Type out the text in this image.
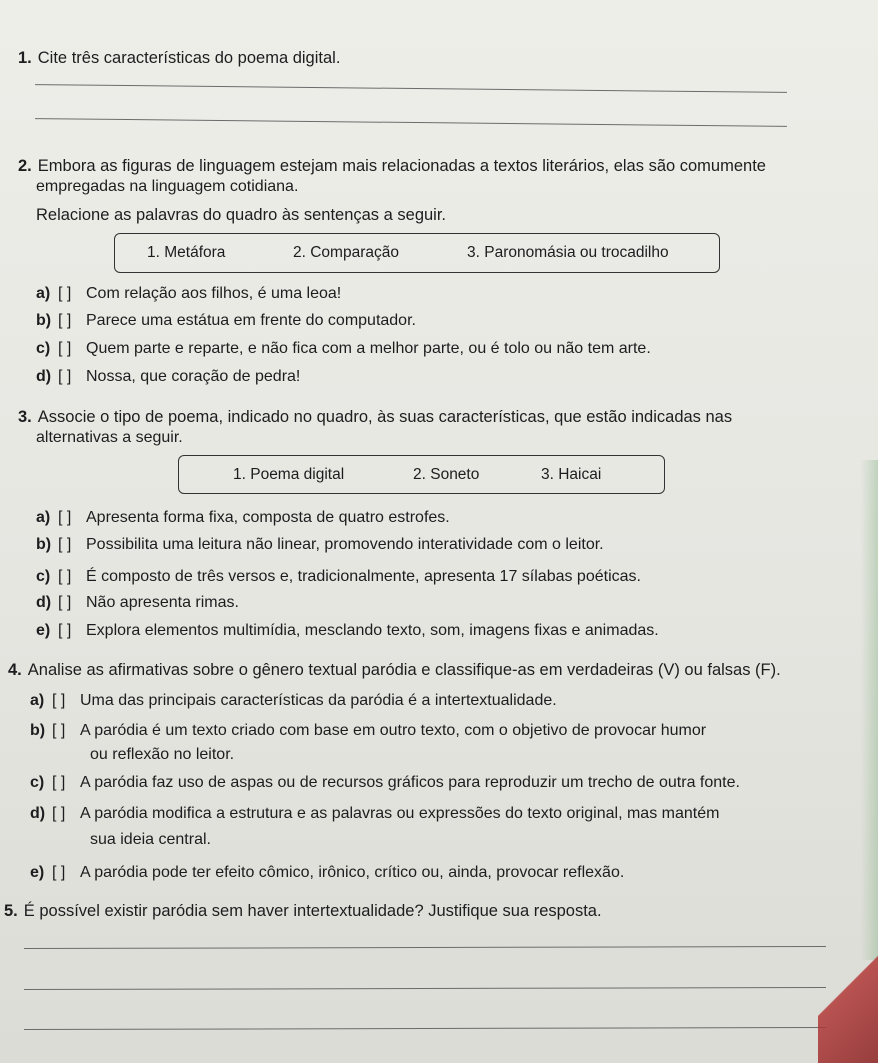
1. Cite três características do poema digital.
2. Embora as figuras de linguagem estejam mais relacionadas a textos literários, elas são comumente
empregadas na linguagem cotidiana.
Relacione as palavras do quadro às sentenças a seguir.
1. Metáfora	2. Comparação	3. Paronomásia ou trocadilho
a) [ ] Com relação aos filhos, é uma leoa!
b) [ ] Parece uma estátua em frente do computador.
c) [ ] Quem parte e reparte, e não fica com a melhor parte, ou é tolo ou não tem arte.
d) [ ] Nossa, que coração de pedra!
3. Associe o tipo de poema, indicado no quadro, às suas características, que estão indicadas nas
alternativas a seguir.
1. Poema digital	2. Soneto	3. Haicai
a) [ ] Apresenta forma fixa, composta de quatro estrofes.
b) [ ] Possibilita uma leitura não linear, promovendo interatividade com o leitor.
c) [ ] É composto de três versos e, tradicionalmente, apresenta 17 sílabas poéticas.
d) [ ] Não apresenta rimas.
e) [ ] Explora elementos multimídia, mesclando texto, som, imagens fixas e animadas.
4. Analise as afirmativas sobre o gênero textual paródia e classifique-as em verdadeiras (V) ou falsas (F).
a) [ ] Uma das principais características da paródia é a intertextualidade.
b) [ ] A paródia é um texto criado com base em outro texto, com o objetivo de provocar humor
ou reflexão no leitor.
c) [ ] A paródia faz uso de aspas ou de recursos gráficos para reproduzir um trecho de outra fonte.
d) [ ] A paródia modifica a estrutura e as palavras ou expressões do texto original, mas mantém
sua ideia central.
e) [ ] A paródia pode ter efeito cômico, irônico, crítico ou, ainda, provocar reflexão.
5. É possível existir paródia sem haver intertextualidade? Justifique sua resposta.
